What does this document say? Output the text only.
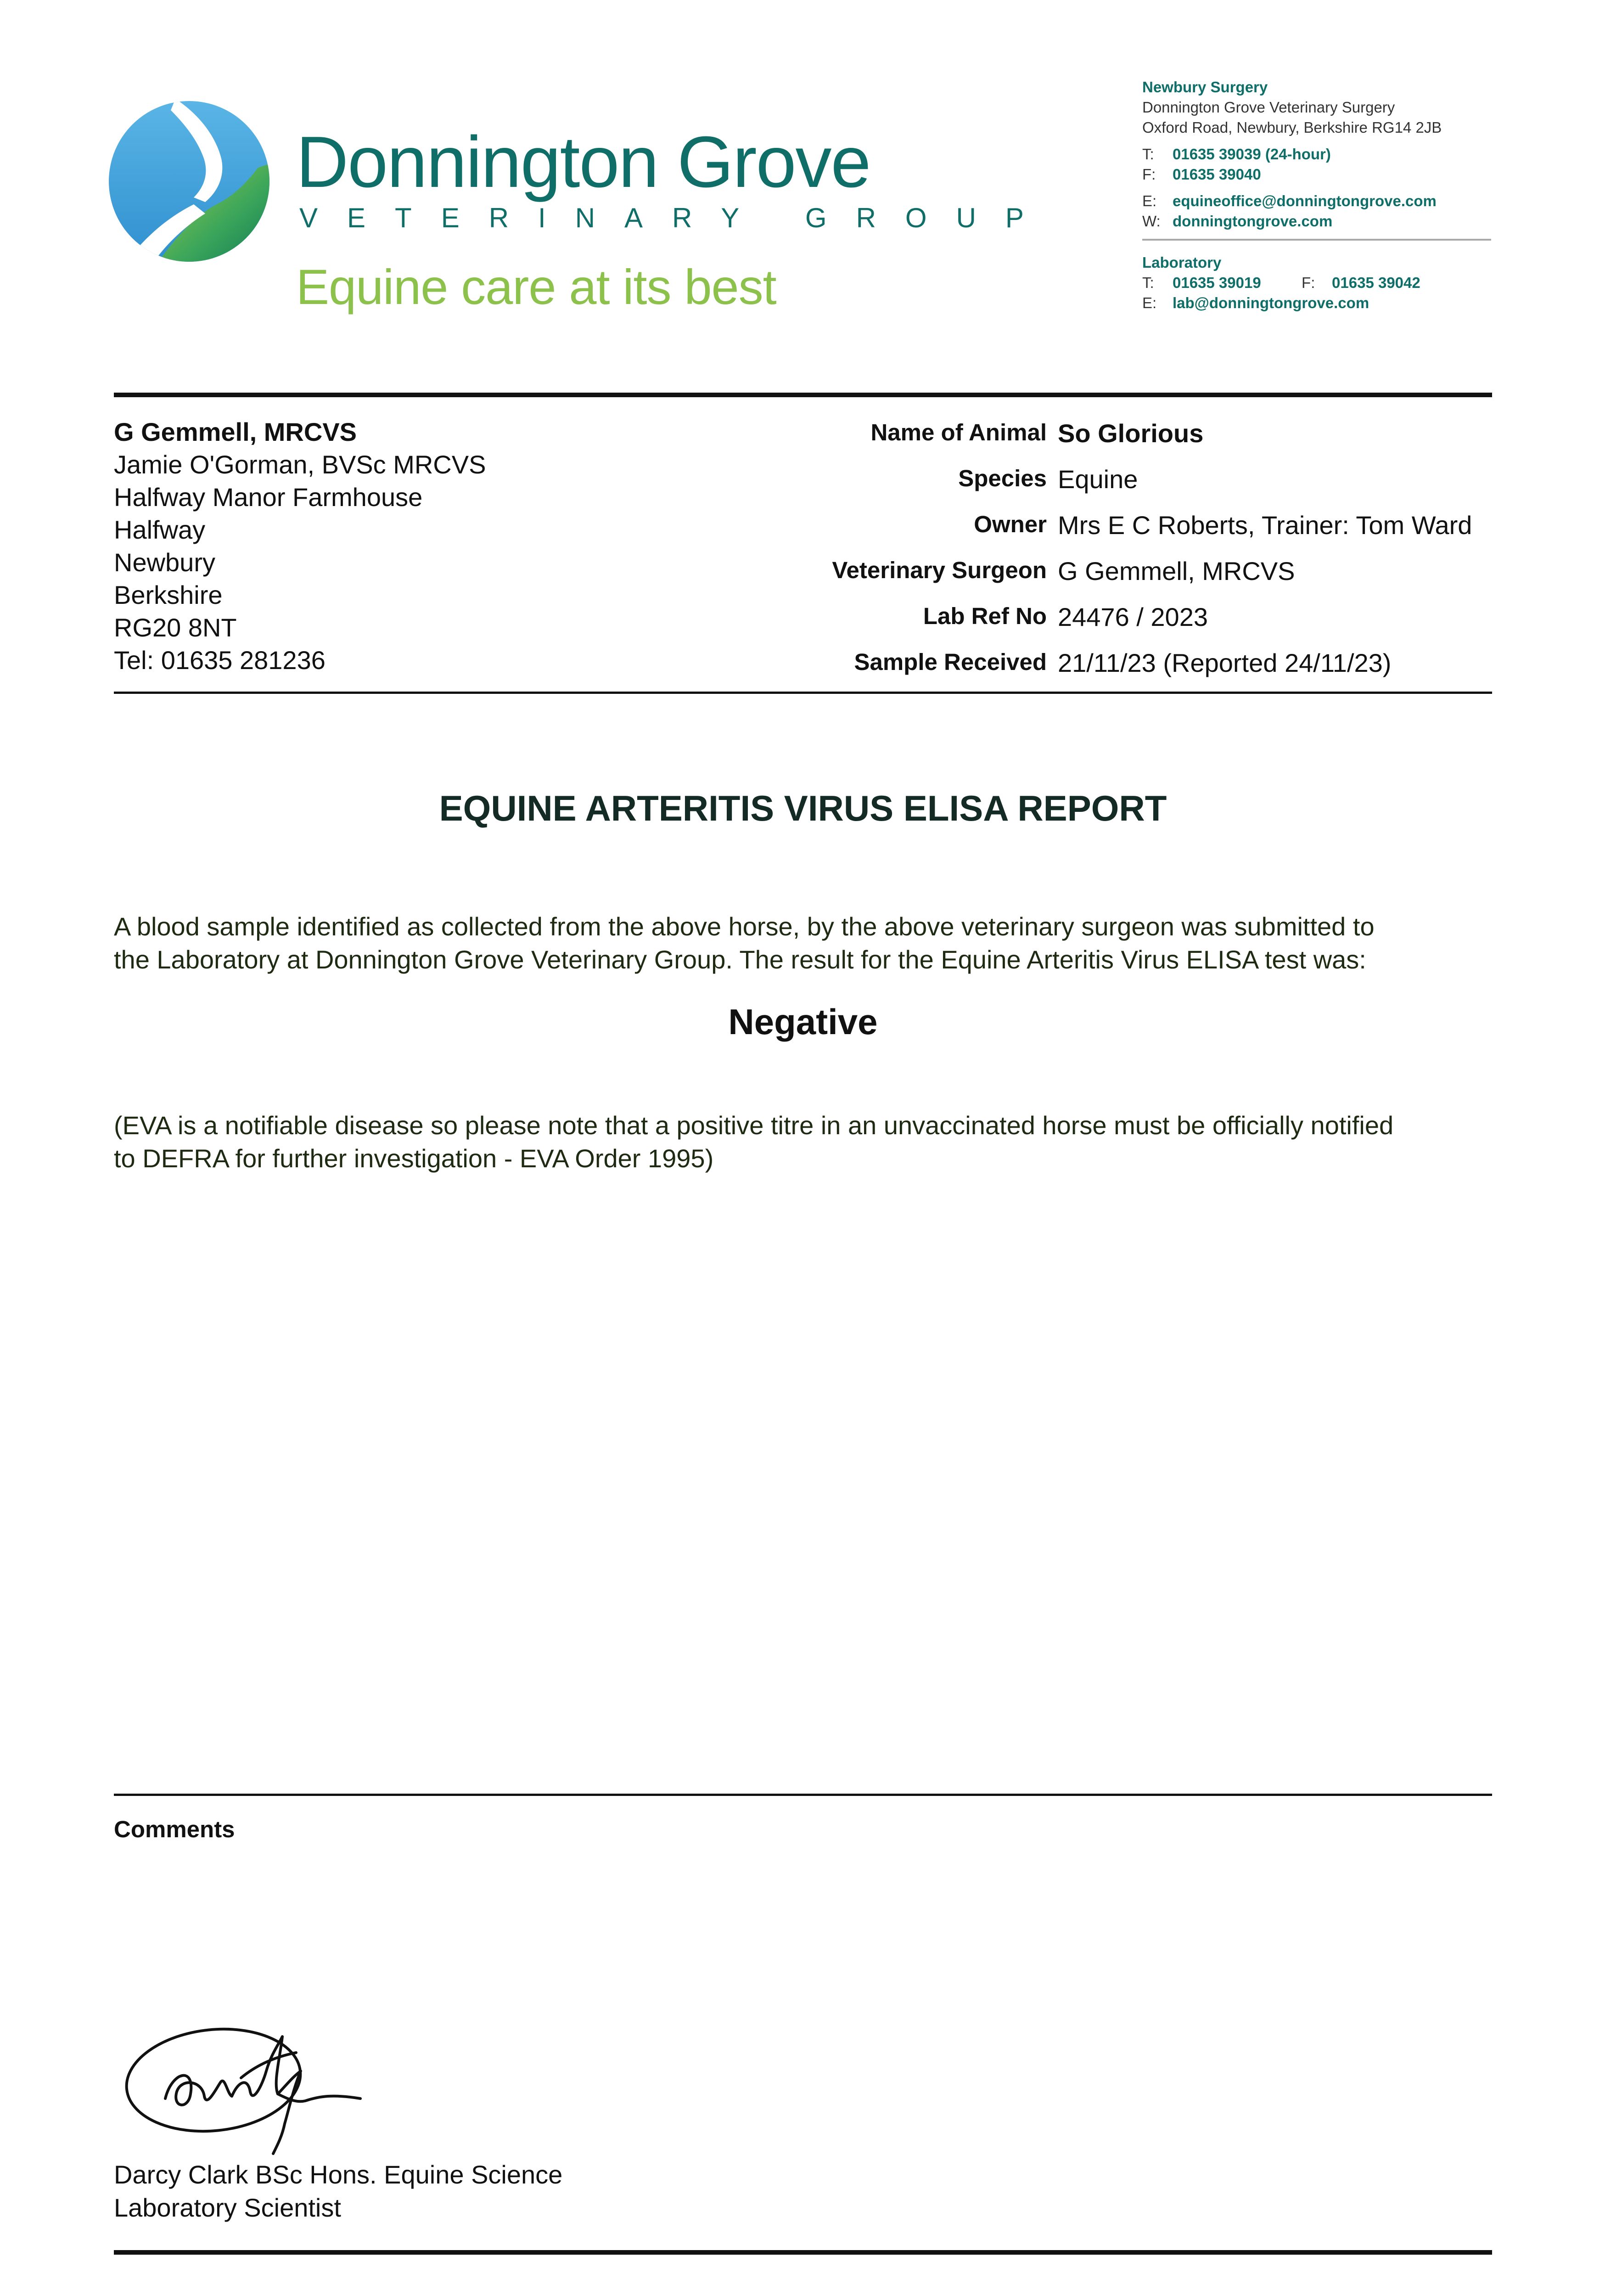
Donnington Grove
VETERINARY GROUP
Equine care at its best
Newbury Surgery
Donnington Grove Veterinary Surgery
Oxford Road, Newbury, Berkshire RG14 2JB
T: 01635 39039 (24-hour)
F: 01635 39040
E: equineoffice@donningtongrove.com
W: donningtongrove.com
Laboratory
T: 01635 39019	F: 01635 39042
E: lab@donningtongrove.com
G Gemmell, MRCVS
Jamie O'Gorman, BVSc MRCVS
Halfway Manor Farmhouse
Halfway
Newbury
Berkshire
RG20 8NT
Tel: 01635 281236
Name of Animal So Glorious
Species Equine
Owner Mrs E C Roberts, Trainer: Tom Ward
Veterinary Surgeon G Gemmell, MRCVS
Lab Ref No 24476 / 2023
Sample Received 21/11/23 (Reported 24/11/23)
EQUINE ARTERITIS VIRUS ELISA REPORT
A blood sample identified as collected from the above horse, by the above veterinary surgeon was submitted to
the Laboratory at Donnington Grove Veterinary Group. The result for the Equine Arteritis Virus ELISA test was:
Negative
(EVA is a notifiable disease so please note that a positive titre in an unvaccinated horse must be officially notified
to DEFRA for further investigation - EVA Order 1995)
Comments
Darcy Clark BSc Hons. Equine Science
Laboratory Scientist
